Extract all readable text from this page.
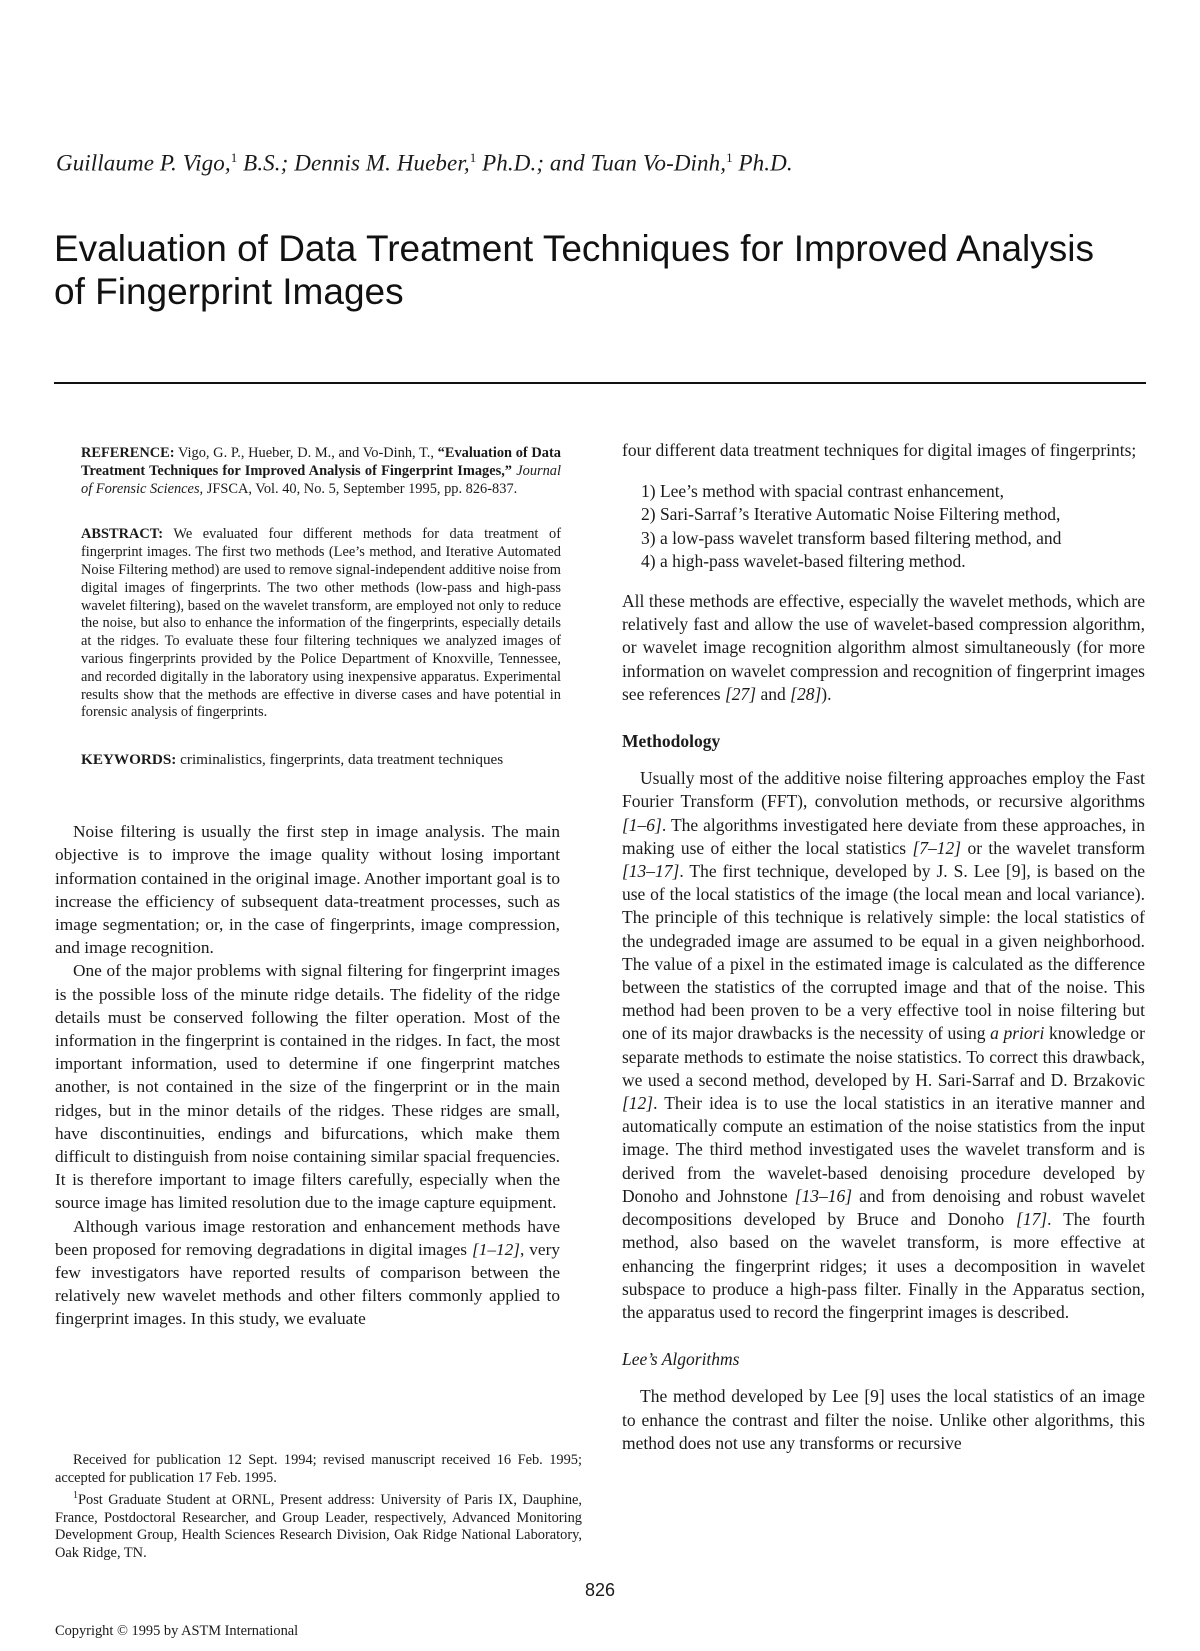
Guillaume P. Vigo,$^1$ B.S.; Dennis M. Hueber,$^1$ Ph.D.; and Tuan Vo-Dinh,$^1$ Ph.D.
Evaluation of Data Treatment Techniques for Improved Analysis
of Fingerprint Images

REFERENCE: Vigo, G. P., Hueber, D. M., and Vo-Dinh, T., “Evaluation of Data Treatment Techniques for Improved Analysis of Fingerprint Images,” Journal of Forensic Sciences, JFSCA, Vol. 40, No. 5, September 1995, pp. 826-837.

ABSTRACT: We evaluated four different methods for data treatment of fingerprint images. The first two methods (Lee’s method, and Iterative Automated Noise Filtering method) are used to remove signal-independent additive noise from digital images of fingerprints. The two other methods (low-pass and high-pass wavelet filtering), based on the wavelet transform, are employed not only to reduce the noise, but also to enhance the information of the fingerprints, especially details at the ridges. To evaluate these four filtering techniques we analyzed images of various fingerprints provided by the Police Department of Knoxville, Tennessee, and recorded digitally in the laboratory using inexpensive apparatus. Experimental results show that the methods are effective in diverse cases and have potential in forensic analysis of fingerprints.

KEYWORDS: criminalistics, fingerprints, data treatment techniques

Noise filtering is usually the first step in image analysis. The main objective is to improve the image quality without losing important information contained in the original image. Another important goal is to increase the efficiency of subsequent data-treatment processes, such as image segmentation; or, in the case of fingerprints, image compression, and image recognition.

One of the major problems with signal filtering for fingerprint images is the possible loss of the minute ridge details. The fidelity of the ridge details must be conserved following the filter operation. Most of the information in the fingerprint is contained in the ridges. In fact, the most important information, used to determine if one fingerprint matches another, is not contained in the size of the fingerprint or in the main ridges, but in the minor details of the ridges. These ridges are small, have discontinuities, endings and bifurcations, which make them difficult to distinguish from noise containing similar spacial frequencies. It is therefore important to image filters carefully, especially when the source image has limited resolution due to the image capture equipment.

Although various image restoration and enhancement methods have been proposed for removing degradations in digital images [1–12], very few investigators have reported results of comparison between the relatively new wavelet methods and other filters commonly applied to fingerprint images. In this study, we evaluate

Received for publication 12 Sept. 1994; revised manuscript received 16 Feb. 1995; accepted for publication 17 Feb. 1995.

$^1$Post Graduate Student at ORNL, Present address: University of Paris IX, Dauphine, France, Postdoctoral Researcher, and Group Leader, respectively, Advanced Monitoring Development Group, Health Sciences Research Division, Oak Ridge National Laboratory, Oak Ridge, TN.

four different data treatment techniques for digital images of fingerprints;

1) Lee’s method with spacial contrast enhancement,
2) Sari-Sarraf’s Iterative Automatic Noise Filtering method,
3) a low-pass wavelet transform based filtering method, and
4) a high-pass wavelet-based filtering method.

All these methods are effective, especially the wavelet methods, which are relatively fast and allow the use of wavelet-based compression algorithm, or wavelet image recognition algorithm almost simultaneously (for more information on wavelet compression and recognition of fingerprint images see references [27] and [28]).

Methodology

Usually most of the additive noise filtering approaches employ the Fast Fourier Transform (FFT), convolution methods, or recursive algorithms [1–6]. The algorithms investigated here deviate from these approaches, in making use of either the local statistics [7–12] or the wavelet transform [13–17]. The first technique, developed by J. S. Lee [9], is based on the use of the local statistics of the image (the local mean and local variance). The principle of this technique is relatively simple: the local statistics of the undegraded image are assumed to be equal in a given neighborhood. The value of a pixel in the estimated image is calculated as the difference between the statistics of the corrupted image and that of the noise. This method had been proven to be a very effective tool in noise filtering but one of its major drawbacks is the necessity of using a priori knowledge or separate methods to estimate the noise statistics. To correct this drawback, we used a second method, developed by H. Sari-Sarraf and D. Brzakovic [12]. Their idea is to use the local statistics in an iterative manner and automatically compute an estimation of the noise statistics from the input image. The third method investigated uses the wavelet transform and is derived from the wavelet-based denoising procedure developed by Donoho and Johnstone [13–16] and from denoising and robust wavelet decompositions developed by Bruce and Donoho [17]. The fourth method, also based on the wavelet transform, is more effective at enhancing the fingerprint ridges; it uses a decomposition in wavelet subspace to produce a high-pass filter. Finally in the Apparatus section, the apparatus used to record the fingerprint images is described.

Lee’s Algorithms

The method developed by Lee [9] uses the local statistics of an image to enhance the contrast and filter the noise. Unlike other algorithms, this method does not use any transforms or recursive

826
Copyright © 1995 by ASTM International
